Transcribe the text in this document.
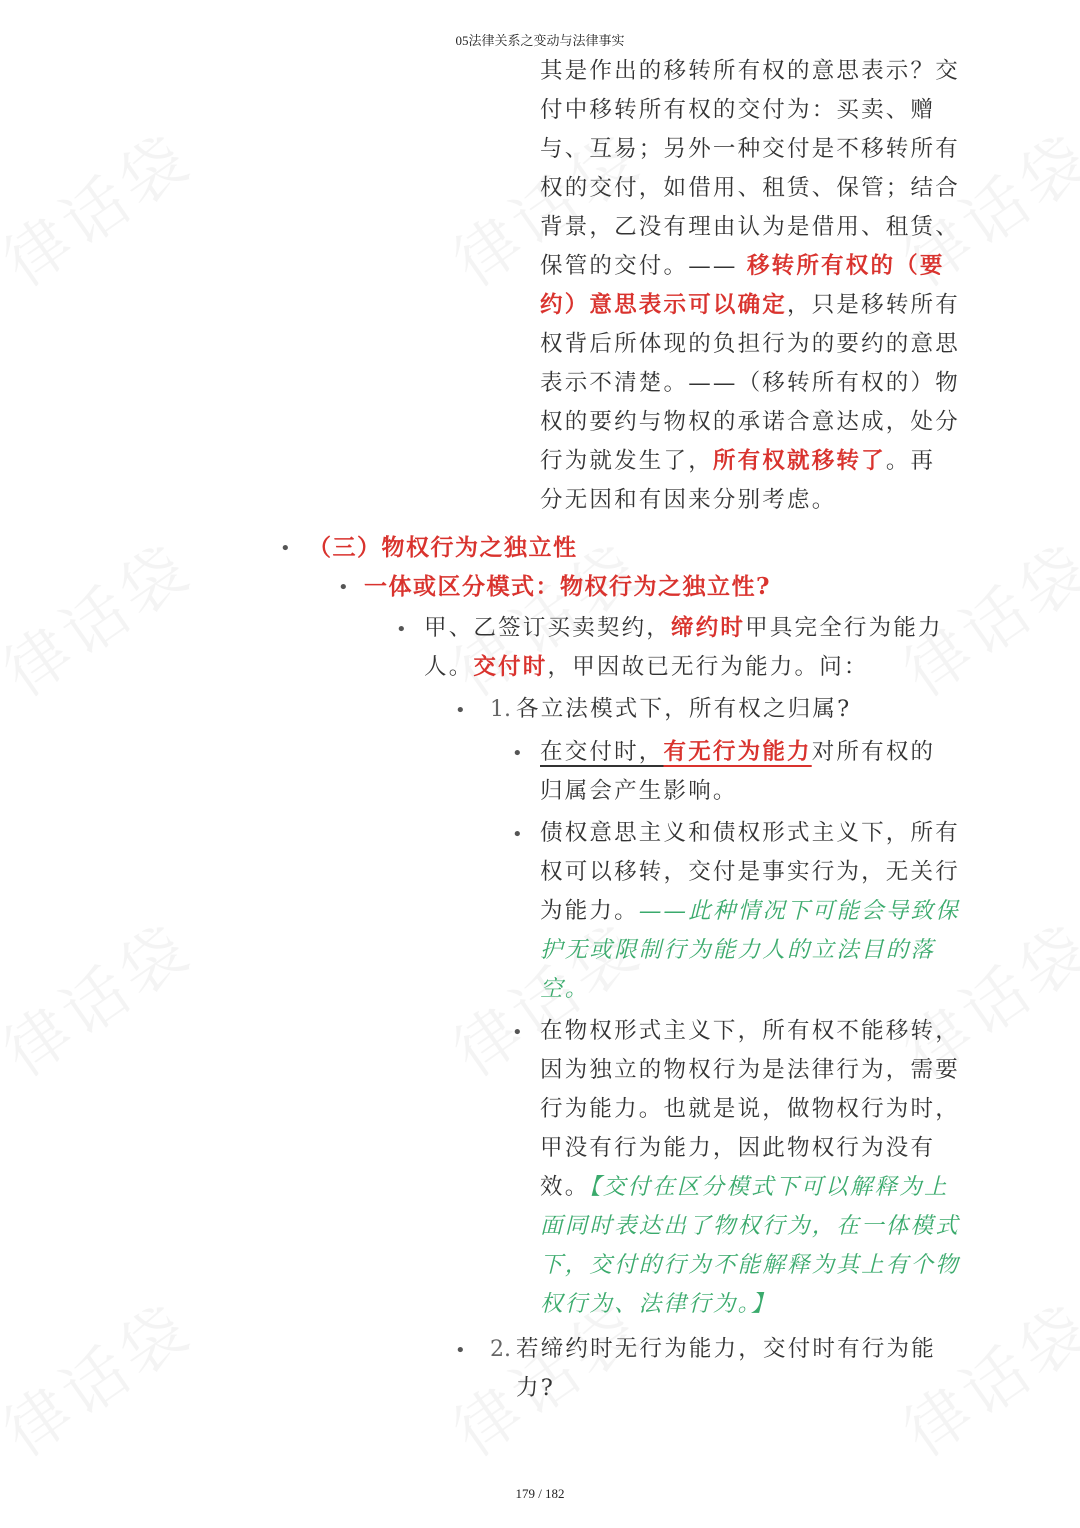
05法律关系之变动与法律事实
其是作出的移转所有权的意思表示？交
付中移转所有权的交付为：买卖、赠
与、互易；另外一种交付是不移转所有
权的交付，如借用、租赁、保管；结合
背景，乙没有理由认为是借用、租赁、
保管的交付。—— 移转所有权的（要
约）意思表示可以确定，只是移转所有
权背后所体现的负担行为的要约的意思
表示不清楚。——（移转所有权的）物
权的要约与物权的承诺合意达成，处分
行为就发生了，所有权就移转了。再
分无因和有因来分别考虑。
• （三）物权行为之独立性
• 一体或区分模式：物权行为之独立性?
• 甲、乙签订买卖契约，缔约时甲具完全行为能力
人。交付时，甲因故已无行为能力。问：
• 1. 各立法模式下，所有权之归属?
• 在交付时，有无行为能力对所有权的
归属会产生影响。
• 债权意思主义和债权形式主义下，所有
权可以移转，交付是事实行为，无关行
为能力。——此种情况下可能会导致保
护无或限制行为能力人的立法目的落
空。
• 在物权形式主义下，所有权不能移转，
因为独立的物权行为是法律行为，需要
行为能力。也就是说，做物权行为时，
甲没有行为能力，因此物权行为没有
效。【交付在区分模式下可以解释为上
面同时表达出了物权行为，在一体模式
下，交付的行为不能解释为其上有个物
权行为、法律行为。】
• 2. 若缔约时无行为能力，交付时有行为能
力?
179 / 182
